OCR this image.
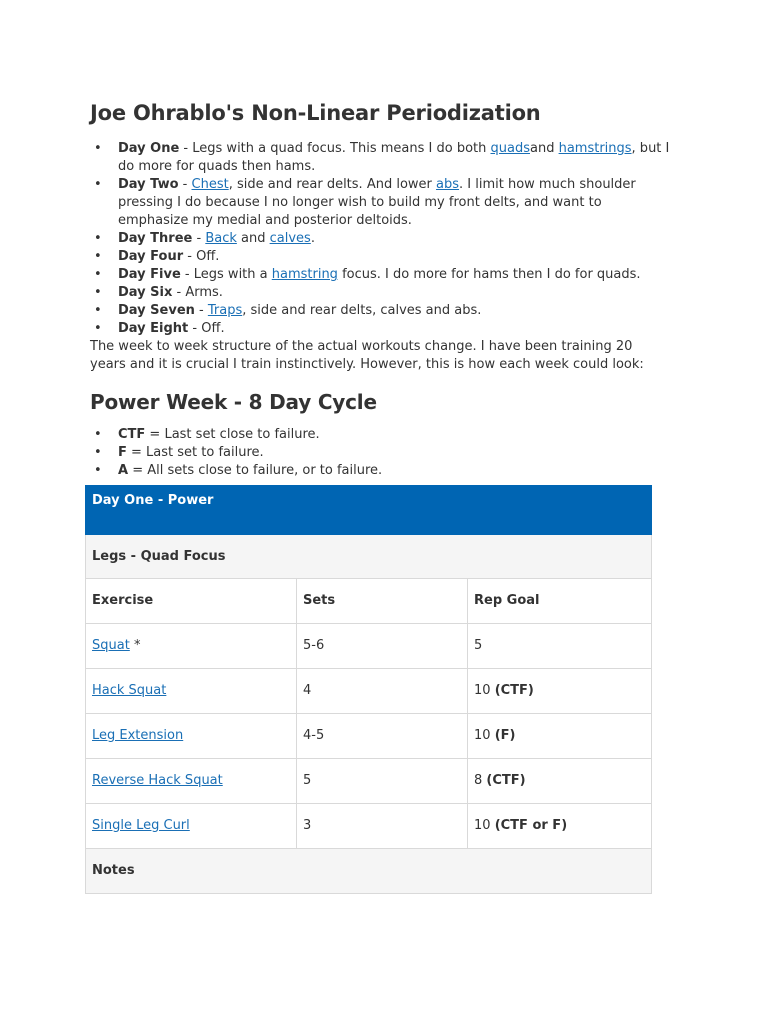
Joe Ohrablo's Non-Linear Periodization
• Day One - Legs with a quad focus. This means I do both quadsand hamstrings, but I do more for quads then hams.
• Day Two - Chest, side and rear delts. And lower abs. I limit how much shoulder pressing I do because I no longer wish to build my front delts, and want to emphasize my medial and posterior deltoids.
• Day Three - Back and calves.
• Day Four - Off.
• Day Five - Legs with a hamstring focus. I do more for hams then I do for quads.
• Day Six - Arms.
• Day Seven - Traps, side and rear delts, calves and abs.
• Day Eight - Off.

The week to week structure of the actual workouts change. I have been training 20 years and it is crucial I train instinctively. However, this is how each week could look:

Power Week - 8 Day Cycle
• CTF = Last set close to failure.
• F = Last set to failure.
• A = All sets close to failure, or to failure.
Day One - Power		
Legs - Quad Focus		
Exercise	Sets	Rep Goal
Squat *	5-6	5
Hack Squat	4	10 (CTF)
Leg Extension	4-5	10 (F)
Reverse Hack Squat	5	8 (CTF)
Single Leg Curl	3	10 (CTF or F)
Notes		
